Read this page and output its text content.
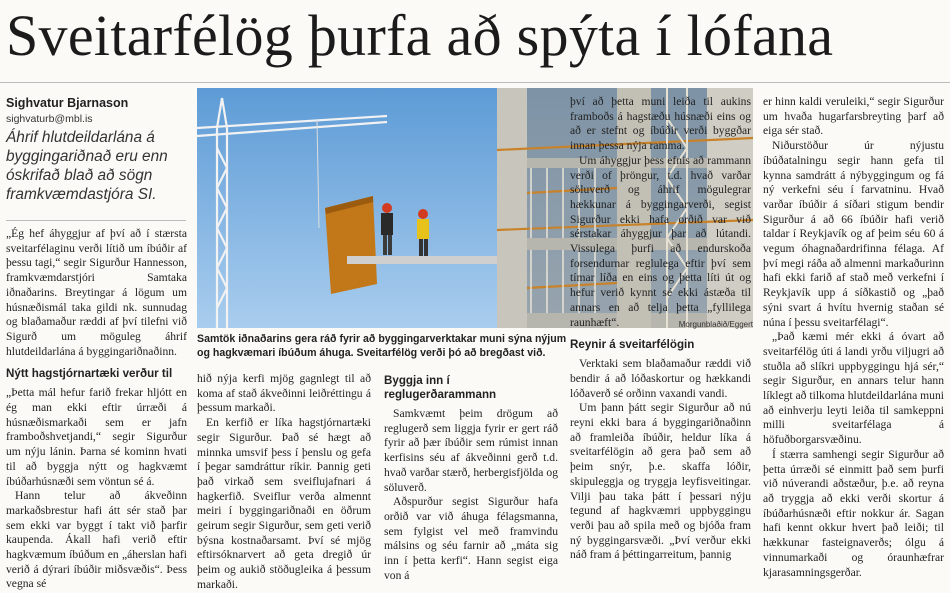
Sveitarfélög þurfa að spýta í lófana

Sighvatur Bjarnason

sighvaturb@mbl.is

Áhrif hlutdeildarlána á byggingariðnað eru enn óskrifað blað að sögn framkvæmdastjóra SI.

Morgunblaðið/Eggert

Samtök iðnaðarins gera ráð fyrir að byggingarverktakar muni sýna nýjum og hagkvæmari íbúðum áhuga. Sveitarfélög verði þó að bregðast við.

„Ég hef áhyggjur af því að í stærsta sveitarfélaginu verði lítið um íbúðir af þessu tagi,“ segir Sigurður Hannesson, framkvæmdarstjóri Samtaka iðnaðarins. Breytingar á lögum um húsnæðismál taka gildi nk. sunnudag og blaðamaður ræddi af því tilefni við Sigurð um möguleg áhrif hlutdeildarlána á byggingariðnaðinn.

Nýtt hagstjórnartæki verður til

„Þetta mál hefur farið frekar hljótt en ég man ekki eftir úrræði á húsnæðismarkaði sem er jafn framboðshvetjandi,“ segir Sigurður um nýju lánin. Þarna sé kominn hvati til að byggja nýtt og hagkvæmt íbúðarhúsnæði sem vöntun sé á.

Hann telur að ákveðinn markaðsbrestur hafi átt sér stað þar sem ekki var byggt í takt við þarfir kaupenda. Ákall hafi verið eftir hagkvæmum íbúðum en „áherslan hafi verið á dýrari íbúðir miðsvæðis“. Þess vegna sé

hið nýja kerfi mjög gagnlegt til að koma af stað ákveðinni leiðréttingu á þessum markaði.

En kerfið er líka hagstjórnartæki segir Sigurður. Það sé hægt að minnka umsvif þess í þenslu og gefa í þegar samdráttur ríkir. Þannig geti það virkað sem sveiflujafnari á hagkerfið. Sveiflur verða almennt meiri í byggingariðnaði en öðrum geirum segir Sigurður, sem geti verið býsna kostnaðarsamt. Því sé mjög eftirsóknarvert að geta dregið úr þeim og aukið stöðugleika á þessum markaði.

Byggja inn í reglugerðarammann

Samkvæmt þeim drögum að reglugerð sem liggja fyrir er gert ráð fyrir að þær íbúðir sem rúmist innan kerfisins séu af ákveðinni gerð t.d. hvað varðar stærð, herbergisfjölda og söluverð.

Aðspurður segist Sigurður hafa orðið var við áhuga félagsmanna, sem fylgist vel með framvindu málsins og séu farnir að „máta sig inn í þetta kerfi“. Hann segist eiga von á

því að þetta muni leiða til aukins framboðs á hagstæðu húsnæði eins og að er stefnt og íbúðir verði byggðar innan þessa nýja ramma.

Um áhyggjur þess efnis að rammann verði of þröngur, t.d. hvað varðar söluverð og áhrif mögulegrar hækkunar á byggingarverði, segist Sigurður ekki hafa orðið var við sérstakar áhyggjur þar að lútandi. Vissulega þurfi að endurskoða forsendurnar reglulega eftir því sem tímar líða en eins og þetta líti út og hefur verið kynnt sé ekki ástæða til annars en að telja þetta „fyllilega raunhæft“.

Reynir á sveitarfélögin

Verktaki sem blaðamaður ræddi við bendir á að lóðaskortur og hækkandi lóðaverð sé orðinn vaxandi vandi.

Um þann þátt segir Sigurður að nú reyni ekki bara á byggingariðnaðinn að framleiða íbúðir, heldur líka á sveitarfélögin að gera það sem að þeim snýr, þ.e. skaffa lóðir, skipuleggja og tryggja leyfisveitingar. Vilji þau taka þátt í þessari nýju tegund af hagkvæmri uppbyggingu verði þau að spila með og bjóða fram ný byggingarsvæði. „Því verður ekki náð fram á þéttingarreitum, þannig

er hinn kaldi veruleiki,“ segir Sigurður um hvaða hugarfarsbreyting þarf að eiga sér stað.

Niðurstöður úr nýjustu íbúðatalningu segir hann gefa til kynna samdrátt á nýbyggingum og fá ný verkefni séu í farvatninu. Hvað varðar íbúðir á síðari stigum bendir Sigurður á að 66 íbúðir hafi verið taldar í Reykjavík og af þeim séu 60 á vegum óhagnaðardrifinna félaga. Af því megi ráða að almenni markaðurinn hafi ekki farið af stað með verkefni í Reykjavík upp á síðkastið og „það sýni svart á hvítu hvernig staðan sé núna í þessu sveitarfélagi“.

„Það kæmi mér ekki á óvart að sveitarfélög úti á landi yrðu viljugri að stuðla að slíkri uppbyggingu hjá sér,“ segir Sigurður, en annars telur hann líklegt að tilkoma hlutdeildarlána muni að einhverju leyti leiða til samkeppni milli sveitarfélaga á höfuðborgarsvæðinu.

Í stærra samhengi segir Sigurður að þetta úrræði sé einmitt það sem þurfi við núverandi aðstæður, þ.e. að reyna að tryggja að ekki verði skortur á íbúðarhúsnæði eftir nokkur ár. Sagan hafi kennt okkur hvert það leiði; til hækkunar fasteignaverðs; ólgu á vinnumarkaði og óraunhæfrar kjarasamningsgerðar.
